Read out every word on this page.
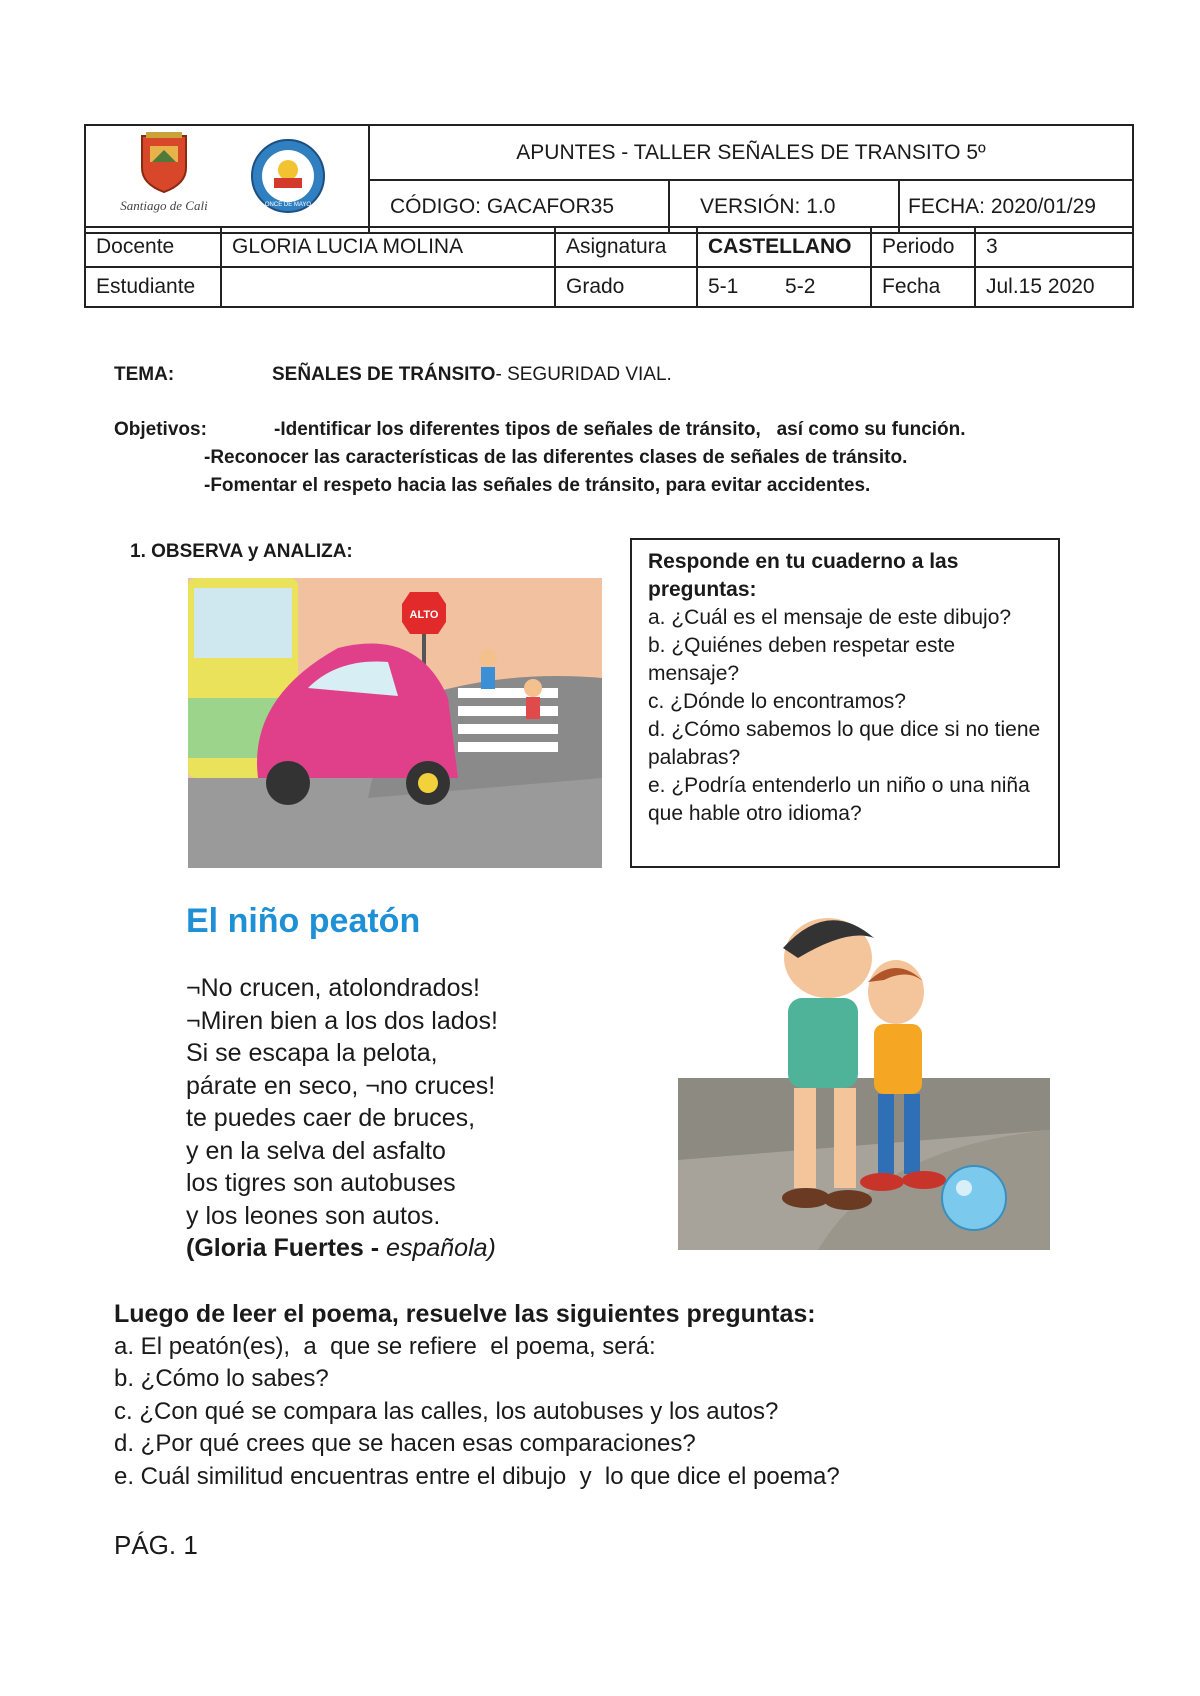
Santiago de Cali ONCE DE MAYO	APUNTES - TALLER SEÑALES DE TRANSITO 5º		
	CÓDIGO: GACAFOR35	VERSIÓN: 1.0	FECHA: 2020/01/29
Docente	GLORIA LUCIA MOLINA	Asignatura	CASTELLANO	Periodo	3
Estudiante		Grado	5-1        5-2	Fecha	Jul.15 2020
TEMA:	SEÑALES DE TRÁNSITO- SEGURIDAD VIAL.
Objetivos:	-Identificar los diferentes tipos de señales de tránsito,   así como su función.
-Reconocer las características de las diferentes clases de señales de tránsito.
-Fomentar el respeto hacia las señales de tránsito, para evitar accidentes.
1. OBSERVA y ANALIZA:
ALTO
Responde en tu cuaderno a las preguntas:
a. ¿Cuál es el mensaje de este dibujo?
b. ¿Quiénes deben respetar este mensaje?
c. ¿Dónde lo encontramos?
d. ¿Cómo sabemos lo que dice si no tiene palabras?
e. ¿Podría entenderlo un niño o una niña que hable otro idioma?
El niño peatón
¬No crucen, atolondrados!
¬Miren bien a los dos lados!
Si se escapa la pelota,
párate en seco, ¬no cruces!
te puedes caer de bruces,
y en la selva del asfalto
los tigres son autobuses
y los leones son autos.
(Gloria Fuertes - española)
Luego de leer el poema, resuelve las siguientes preguntas:
a. El peatón(es),  a  que se refiere  el poema, será:
b. ¿Cómo lo sabes?
c. ¿Con qué se compara las calles, los autobuses y los autos?
d. ¿Por qué crees que se hacen esas comparaciones?
e. Cuál similitud encuentras entre el dibujo  y  lo que dice el poema?
PÁG. 1
